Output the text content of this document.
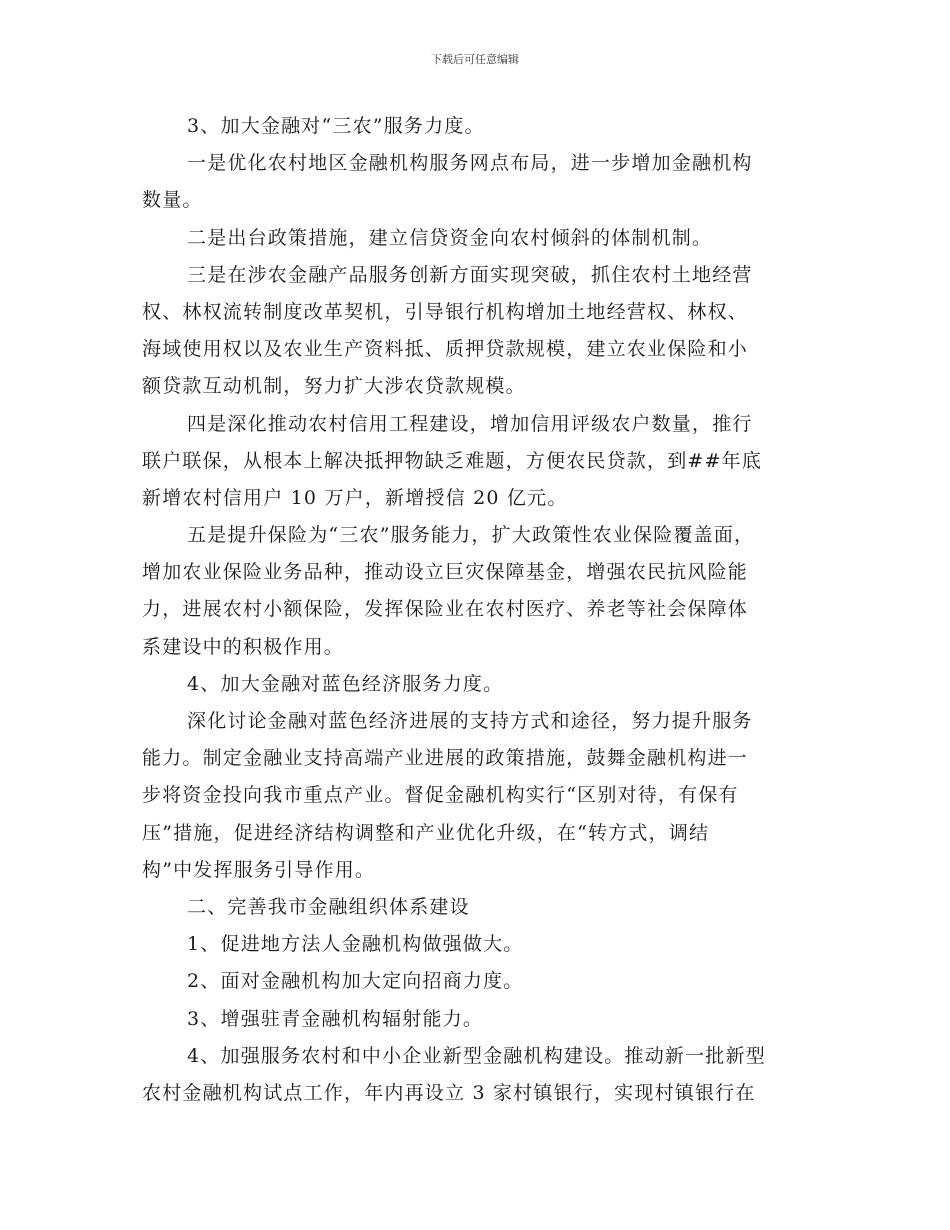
下载后可任意编辑
3、加大金融对“三农”服务力度。
一是优化农村地区金融机构服务网点布局，进一步增加金融机构
数量。
二是出台政策措施，建立信贷资金向农村倾斜的体制机制。
三是在涉农金融产品服务创新方面实现突破，抓住农村土地经营
权、林权流转制度改革契机，引导银行机构增加土地经营权、林权、
海域使用权以及农业生产资料抵、质押贷款规模，建立农业保险和小
额贷款互动机制，努力扩大涉农贷款规模。
四是深化推动农村信用工程建设，增加信用评级农户数量，推行
联户联保，从根本上解决抵押物缺乏难题，方便农民贷款，到##年底
新增农村信用户 10 万户，新增授信 20 亿元。
五是提升保险为“三农”服务能力，扩大政策性农业保险覆盖面，
增加农业保险业务品种，推动设立巨灾保障基金，增强农民抗风险能
力，进展农村小额保险，发挥保险业在农村医疗、养老等社会保障体
系建设中的积极作用。
4、加大金融对蓝色经济服务力度。
深化讨论金融对蓝色经济进展的支持方式和途径，努力提升服务
能力。制定金融业支持高端产业进展的政策措施，鼓舞金融机构进一
步将资金投向我市重点产业。督促金融机构实行“区别对待，有保有
压”措施，促进经济结构调整和产业优化升级，在“转方式，调结
构”中发挥服务引导作用。
二、完善我市金融组织体系建设
1、促进地方法人金融机构做强做大。
2、面对金融机构加大定向招商力度。
3、增强驻青金融机构辐射能力。
4、加强服务农村和中小企业新型金融机构建设。推动新一批新型
农村金融机构试点工作，年内再设立 3 家村镇银行，实现村镇银行在
